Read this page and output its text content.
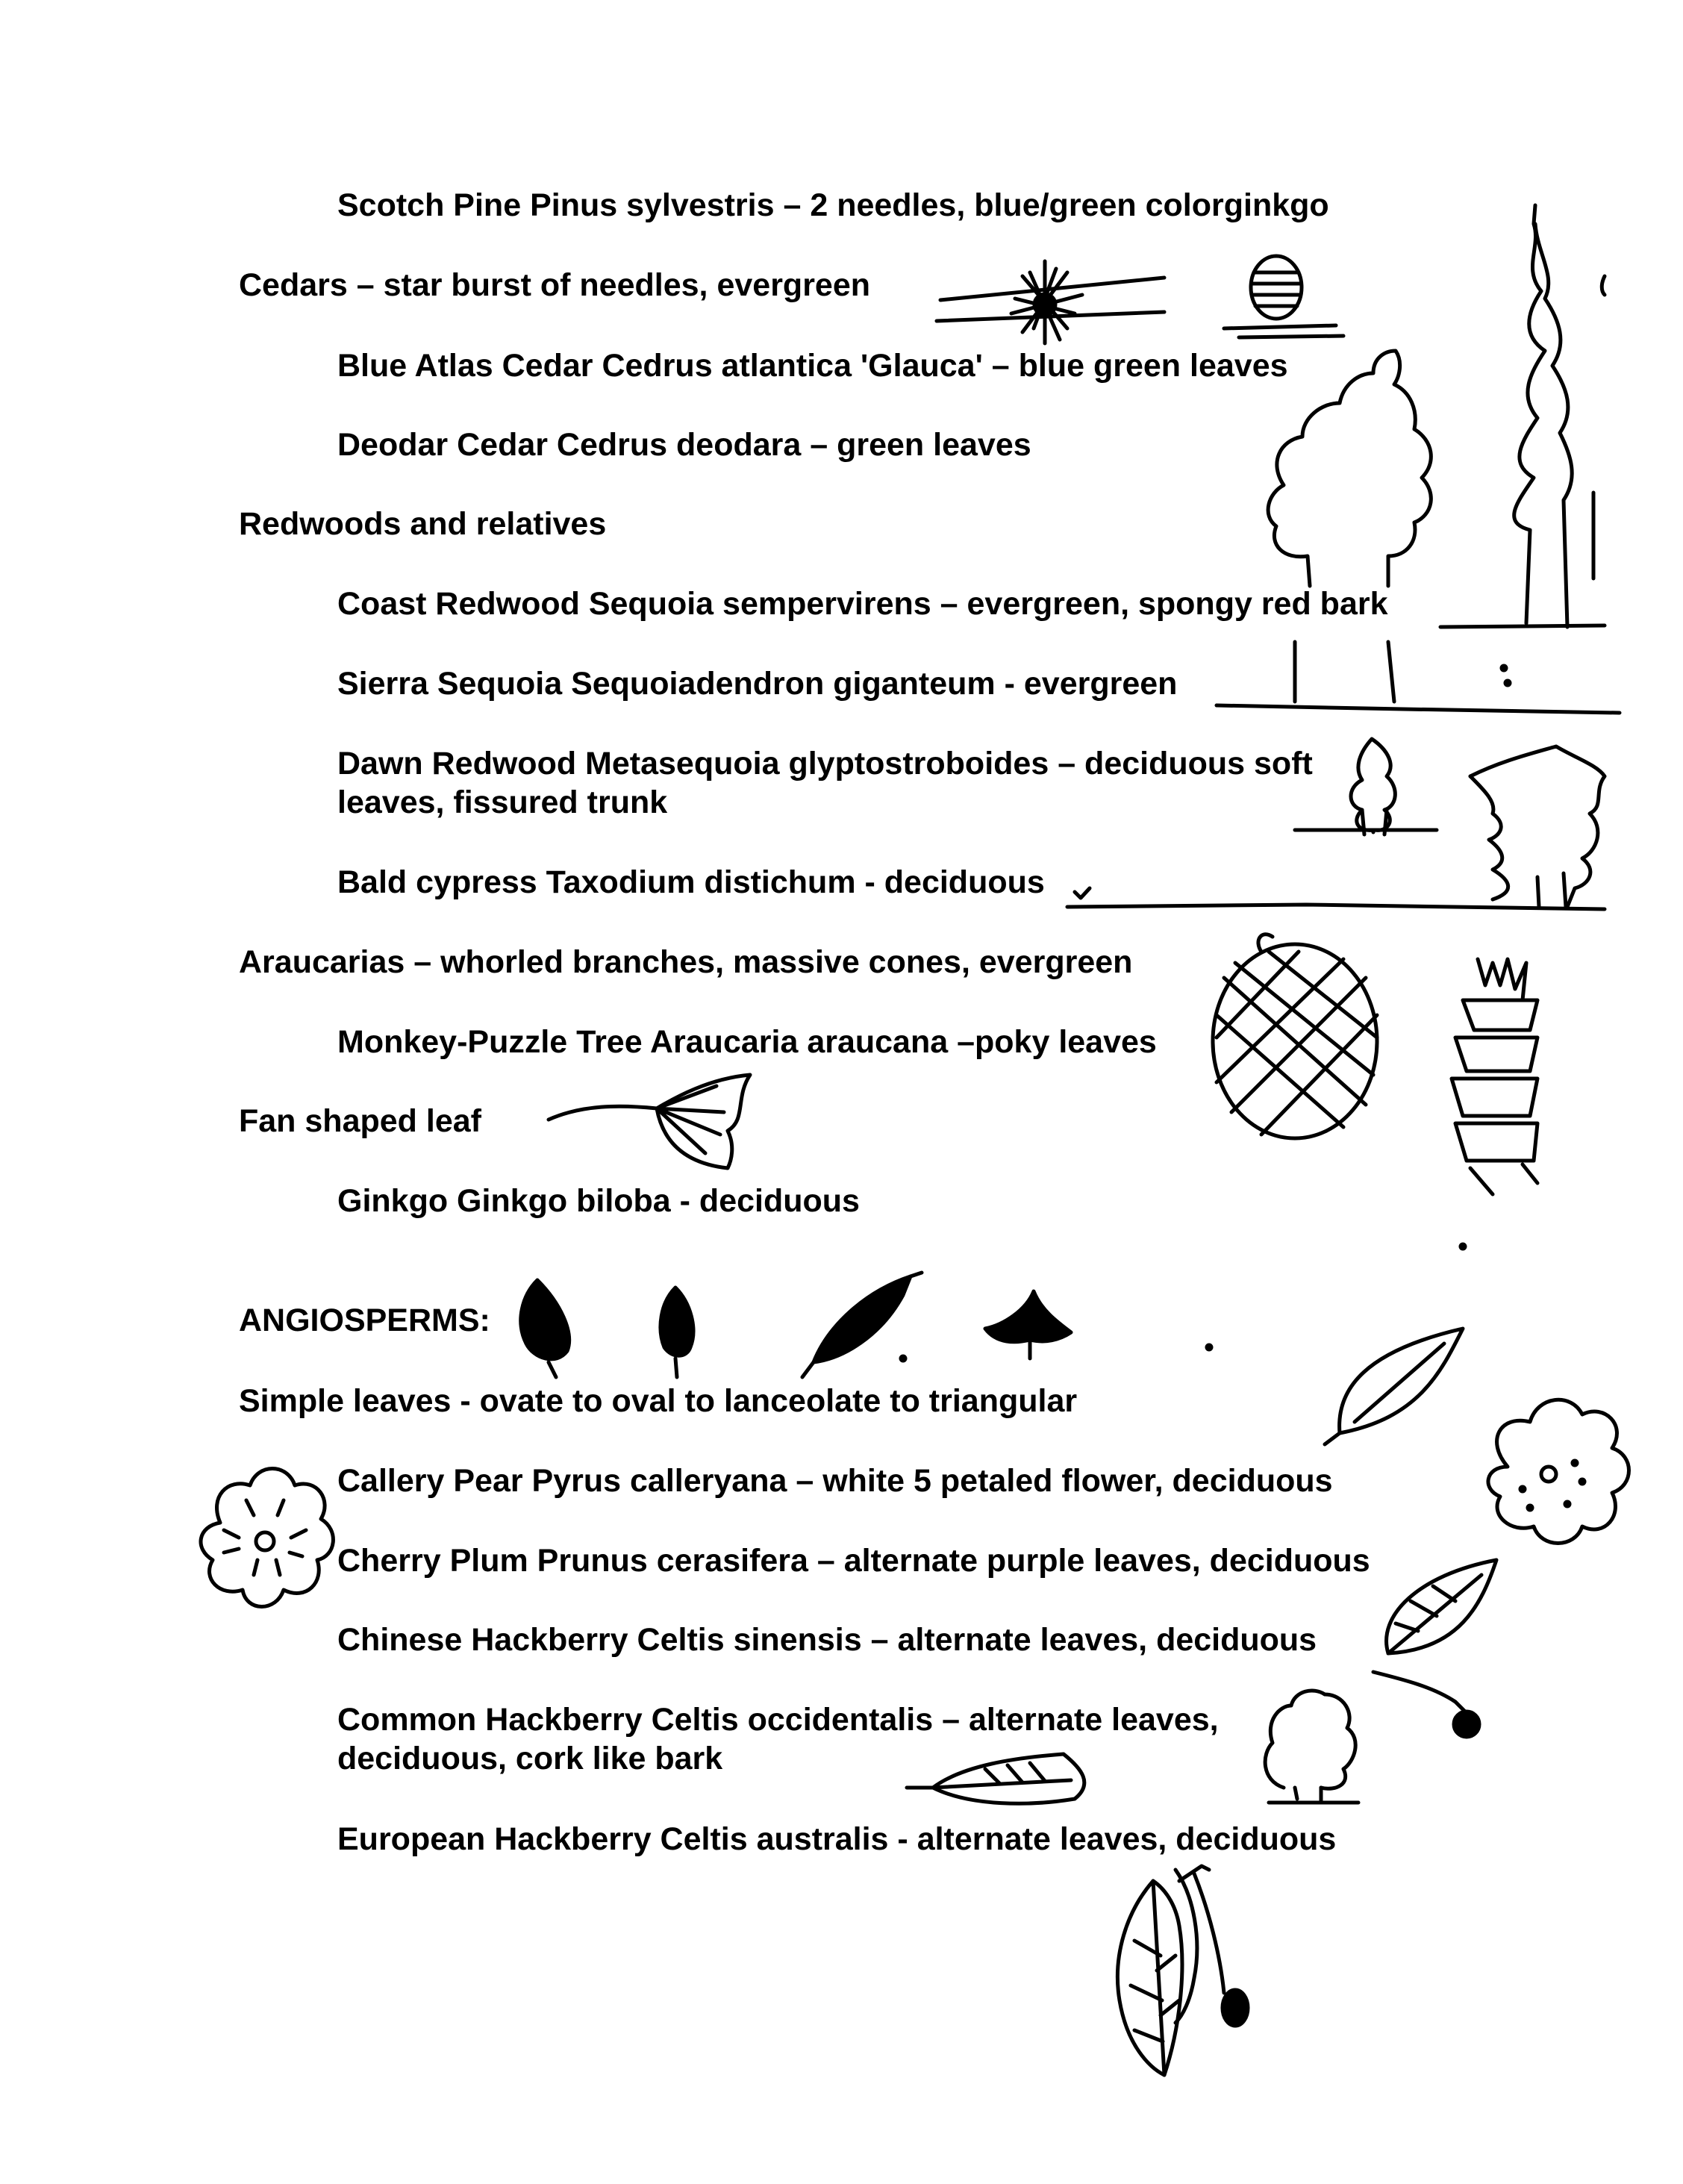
Scotch Pine Pinus sylvestris – 2 needles, blue/green colorginkgo
Cedars – star burst of needles, evergreen
Blue Atlas Cedar Cedrus atlantica 'Glauca' – blue green leaves
Deodar Cedar Cedrus deodara – green leaves
Redwoods and relatives
Coast Redwood Sequoia sempervirens – evergreen, spongy red bark
Sierra Sequoia Sequoiadendron giganteum - evergreen
Dawn Redwood Metasequoia glyptostroboides – deciduous soft
leaves, fissured trunk
Bald cypress Taxodium distichum - deciduous
Araucarias – whorled branches, massive cones, evergreen
Monkey-Puzzle Tree Araucaria araucana –poky leaves
Fan shaped leaf
Ginkgo Ginkgo biloba - deciduous
ANGIOSPERMS:
Simple leaves - ovate to oval to lanceolate to triangular
Callery Pear Pyrus calleryana – white 5 petaled flower, deciduous
Cherry Plum Prunus cerasifera – alternate purple leaves, deciduous
Chinese Hackberry Celtis sinensis – alternate leaves, deciduous
Common Hackberry Celtis occidentalis – alternate leaves,
deciduous, cork like bark
European Hackberry Celtis australis - alternate leaves, deciduous
